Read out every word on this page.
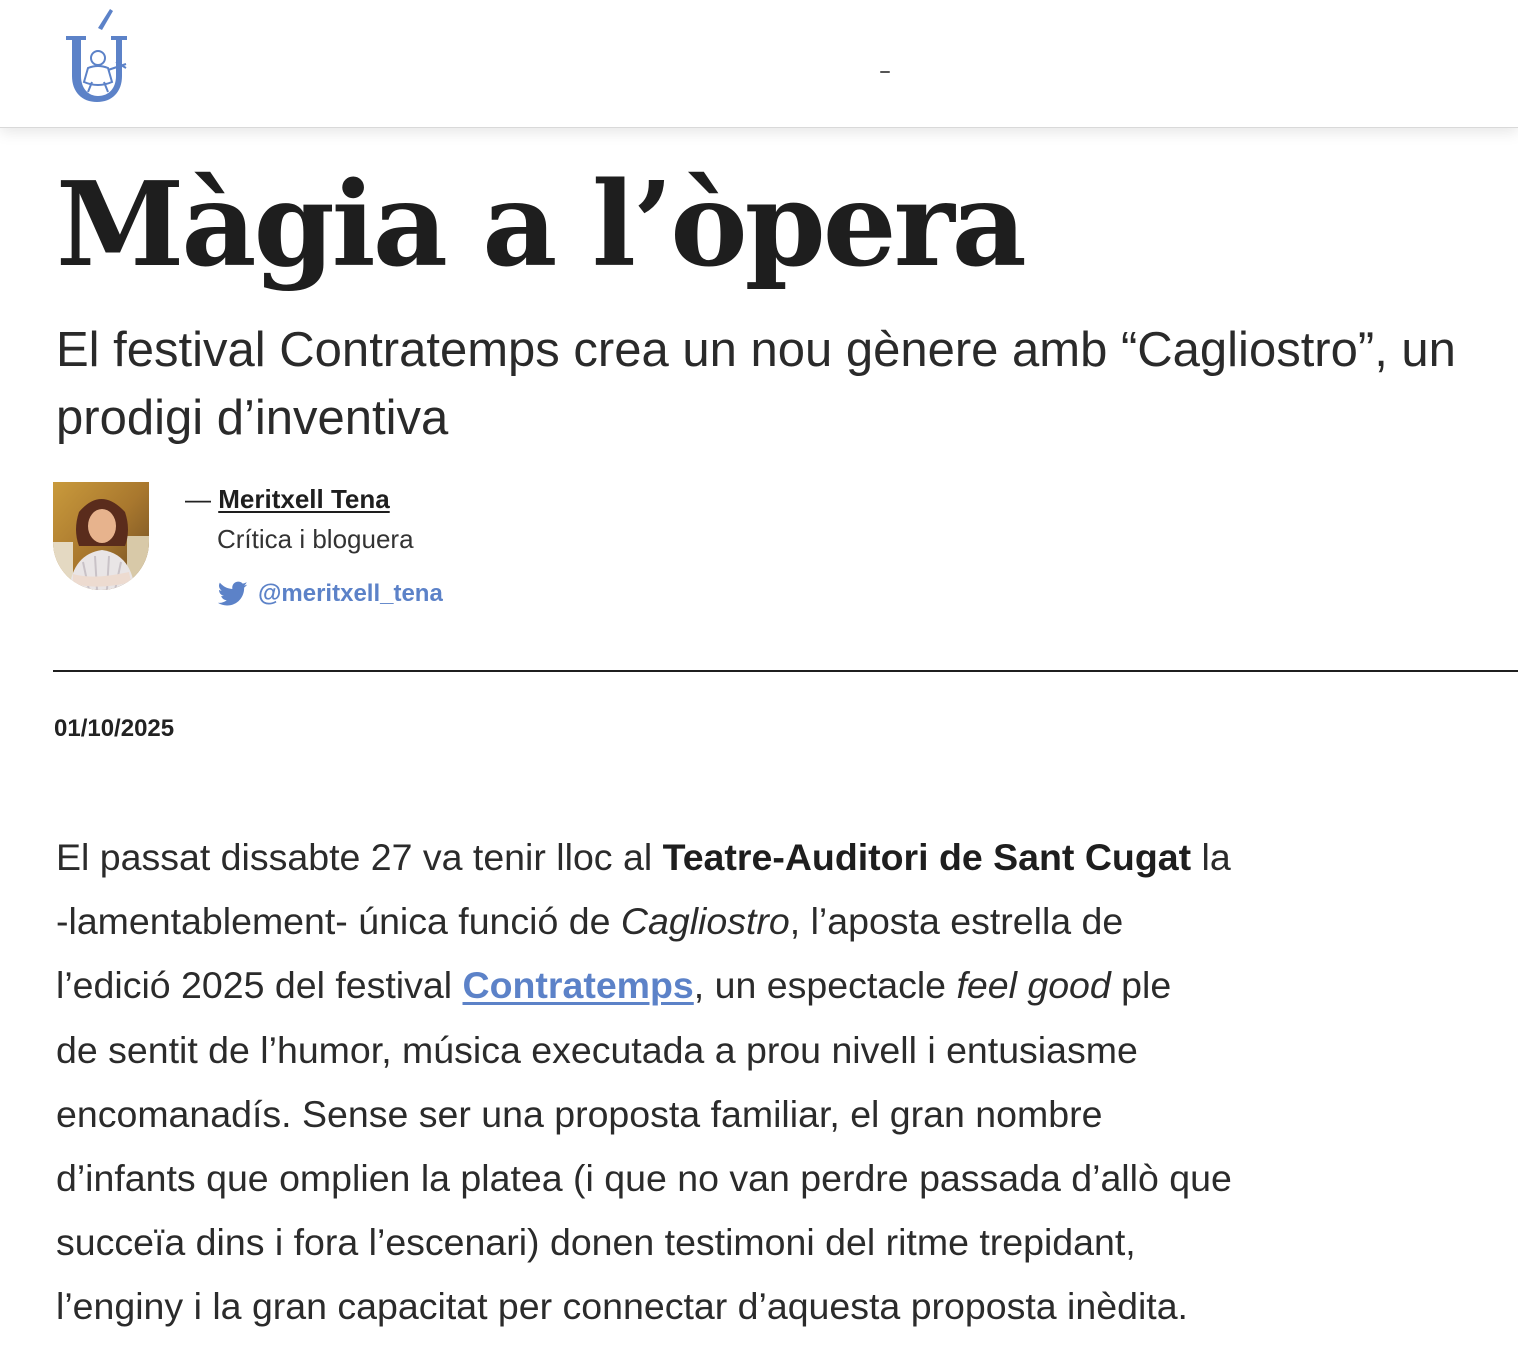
Màgia a l’òpera
El festival Contratemps crea un nou gènere amb “Cagliostro”, un prodigi d’inventiva
— Meritxell Tena
Crítica i bloguera
@meritxell_tena
01/10/2025
El passat dissabte 27 va tenir lloc al Teatre-Auditori de Sant Cugat la
-lamentablement- única funció de Cagliostro, l’aposta estrella de
l’edició 2025 del festival Contratemps, un espectacle feel good ple
de sentit de l’humor, música executada a prou nivell i entusiasme
encomanadís. Sense ser una proposta familiar, el gran nombre
d’infants que omplien la platea (i que no van perdre passada d’allò que
succeïa dins i fora l’escenari) donen testimoni del ritme trepidant,
l’enginy i la gran capacitat per connectar d’aquesta proposta inèdita.
